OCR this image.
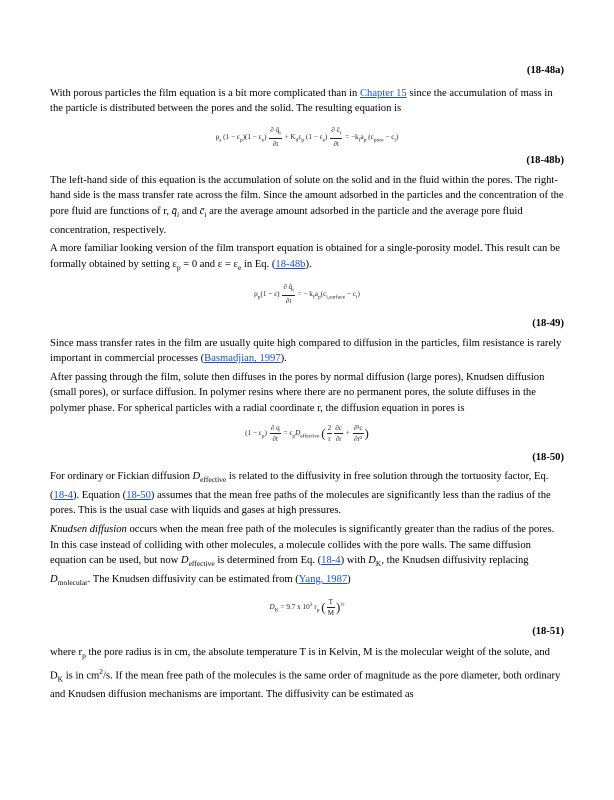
(18-48a)

With porous particles the film equation is a bit more complicated than in Chapter 15 since the accumulation of mass in the particle is distributed between the pores and the solid. The resulting equation is

$\rho_s$ $(1 - \varepsilon_p)(1 - \varepsilon_e) \frac{\partial q̄_i}{\partial t} + K_d\varepsilon_p$ $(1 - \varepsilon_e) \frac{\partial c̄_i}{\partial t} = -k_fa_p$ $(c_{pore} - c_i)$

(18-48b)

The left-hand side of this equation is the accumulation of solute on the solid and in the fluid within the pores. The right-hand side is the mass transfer rate across the film. Since the amount adsorbed in the particles and the concentration of the pore fluid are functions of r, $q̄_i$ and $c̄_i$ are the average amount adsorbed in the particle and the average pore fluid concentration, respectively.

A more familiar looking version of the film transport equation is obtained for a single-porosity model. This result can be formally obtained by setting $\varepsilon_p = 0$ and $\varepsilon = \varepsilon_e$ in Eq. (18-48b).

$\rho_p(1 - \varepsilon) \frac{\partial q̄_i}{\partial t}$ = − $k_fa_p(c_{i,surface} - c_i)$

(18-49)

Since mass transfer rates in the film are usually quite high compared to diffusion in the particles, film resistance is rarely important in commercial processes (Basmadjian, 1997).

After passing through the film, solute then diffuses in the pores by normal diffusion (large pores), Knudsen diffusion (small pores), or surface diffusion. In polymer resins where there are no permanent pores, the solute diffuses in the polymer phase. For spherical particles with a radial coordinate r, the diffusion equation in pores is

$(1 - \varepsilon_p) \frac{\partial q}{\partial t} = \varepsilon_pD_{effective}$ ( $\frac{2}{r} \frac{\partial c}{\partial r} + \frac{\text{∂²c}}{\text{∂r²}}$ )

(18-50)

For ordinary or Fickian diffusion $D_{effective}$ is related to the diffusivity in free solution through the tortuosity factor, Eq. (18-4). Equation (18-50) assumes that the mean free paths of the molecules are significantly less than the radius of the pores. This is the usual case with liquids and gases at high pressures.

Knudsen diffusion occurs when the mean free path of the molecules is significantly greater than the radius of the pores. In this case instead of colliding with other molecules, a molecule collides with the pore walls. The same diffusion equation can be used, but now $D_{effective}$ is determined from Eq. (18-4) with $D_K$, the Knudsen diffusivity replacing $D_{molecular}$. The Knudsen diffusivity can be estimated from (Yang, 1987)

$D_K = 9.7$ x $10^3$ $r_p$ ( $\frac{T}{M} )^{\frac{1}{2}}$

(18-51)

where $r_p$ the pore radius is in cm, the absolute temperature T is in Kelvin, M is the molecular weight of the solute, and $D_K$ is in $cm^2/s$. If the mean free path of the molecules is the same order of magnitude as the pore diameter, both ordinary and Knudsen diffusion mechanisms are important. The diffusivity can be estimated as
